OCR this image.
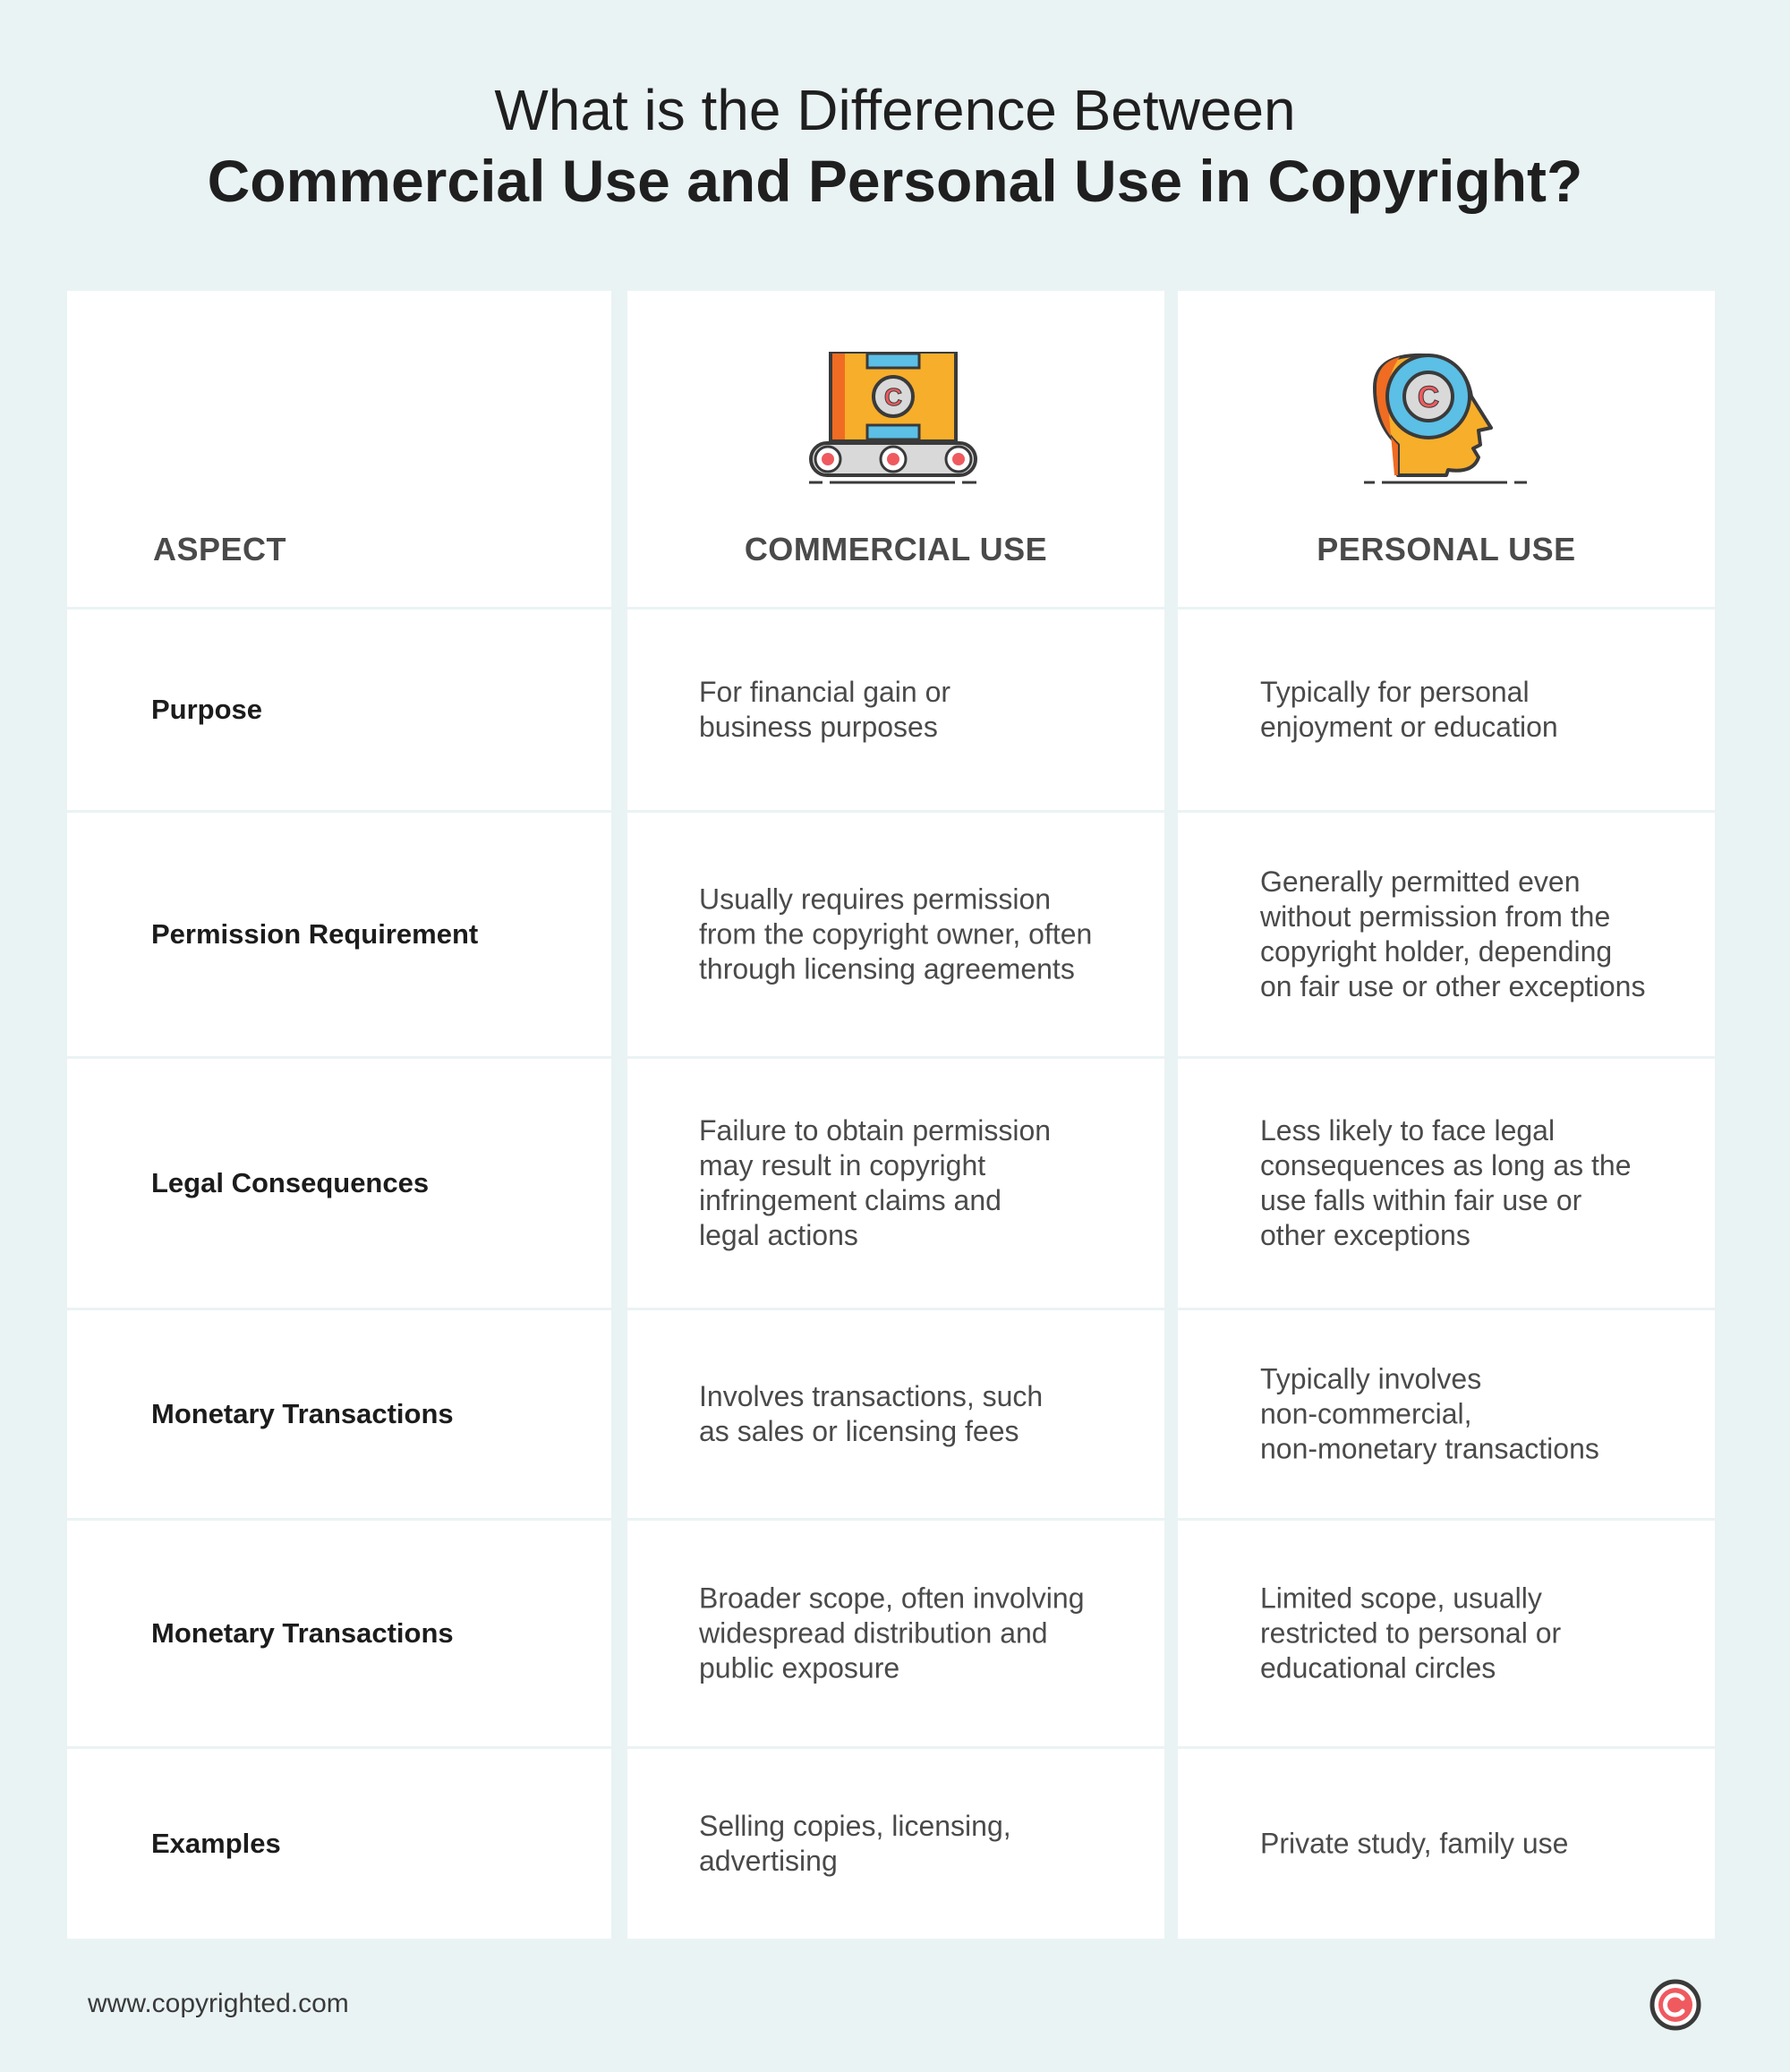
What is the Difference Between
Commercial Use and Personal Use in Copyright?
ASPECT
C
COMMERCIAL USE
C
PERSONAL USE
Purpose
For financial gain or
business purposes
Typically for personal
enjoyment or education
Permission Requirement
Usually requires permission
from the copyright owner, often
through licensing agreements
Generally permitted even
without permission from the
copyright holder, depending
on fair use or other exceptions
Legal Consequences
Failure to obtain permission
may result in copyright
infringement claims and
legal actions
Less likely to face legal
consequences as long as the
use falls within fair use or
other exceptions
Monetary Transactions
Involves transactions, such
as sales or licensing fees
Typically involves
non-commercial,
non-monetary transactions
Monetary Transactions
Broader scope, often involving
widespread distribution and
public exposure
Limited scope, usually
restricted to personal or
educational circles
Examples
Selling copies, licensing,
advertising
Private study, family use
www.copyrighted.com
